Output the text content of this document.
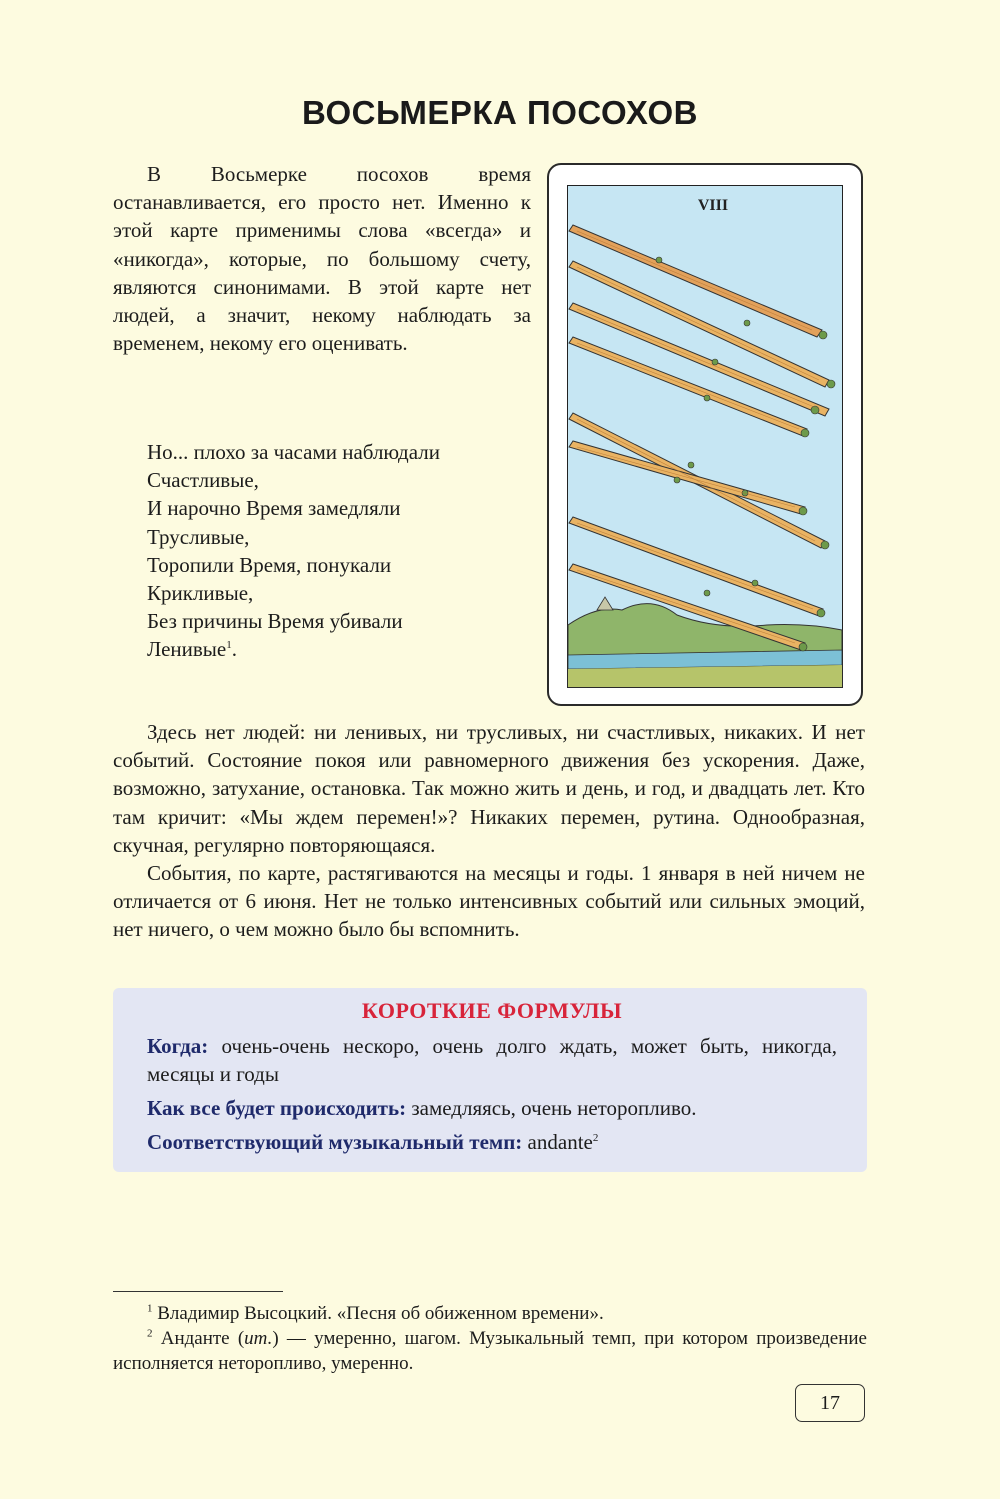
ВОСЬМЕРКА ПОСОХОВ

В Восьмерке посохов время останавливается, его просто нет. Именно к этой карте применимы слова «всегда» и «никогда», которые, по большому счету, являются синонимами. В этой карте нет людей, а значит, некому наблюдать за временем, некому его оценивать.

Но... плохо за часами наблюдали
Счастливые,
И нарочно Время замедляли
Трусливые,
Торопили Время, понукали
Крикливые,
Без причины Время убивали
Ленивые$^1$.
VIII

Здесь нет людей: ни ленивых, ни трусливых, ни счастливых, никаких. И нет событий. Состояние покоя или равномерного движения без ускорения. Даже, возможно, затухание, остановка. Так можно жить и день, и год, и двадцать лет. Кто там кричит: «Мы ждем перемен!»? Никаких перемен, рутина. Однообразная, скучная, регулярно повторяющаяся.

События, по карте, растягиваются на месяцы и годы. 1 января в ней ничем не отличается от 6 июня. Нет не только интенсивных событий или сильных эмоций, нет ничего, о чем можно было бы вспомнить.

КОРОТКИЕ ФОРМУЛЫ
Когда: очень-очень нескоро, очень долго ждать, может быть, никогда, месяцы и годы
Как все будет происходить: замедляясь, очень неторопливо.
Соответствующий музыкальный темп: andante$^2$

$^1$ Владимир Высоцкий. «Песня об обиженном времени».

$^2$ Анданте (ит.) — умеренно, шагом. Музыкальный темп, при котором произведение исполняется неторопливо, умеренно.

17
